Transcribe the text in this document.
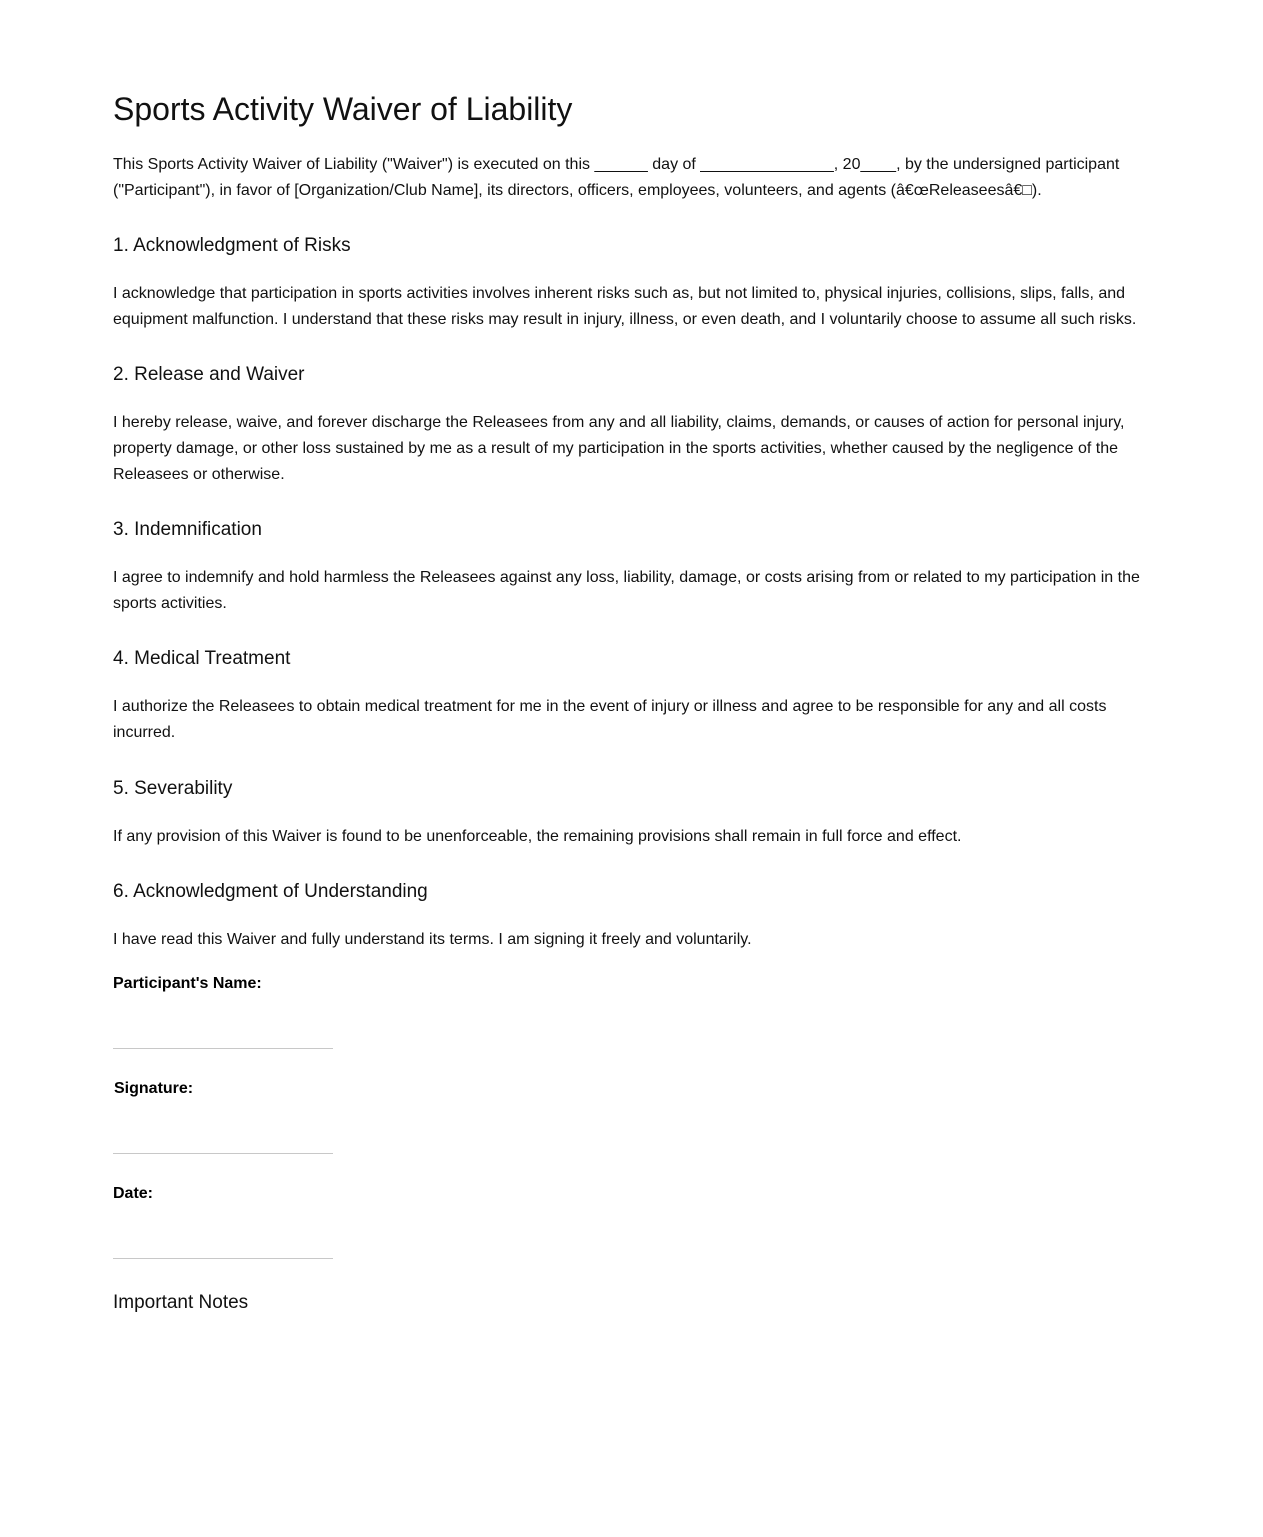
Sports Activity Waiver of Liability

This Sports Activity Waiver of Liability ("Waiver") is executed on this ______ day of _______________, 20____, by the undersigned participant ("Participant"), in favor of [Organization/Club Name], its directors, officers, employees, volunteers, and agents (â€œReleaseesâ€□).

1. Acknowledgment of Risks

I acknowledge that participation in sports activities involves inherent risks such as, but not limited to, physical injuries, collisions, slips, falls, and equipment malfunction. I understand that these risks may result in injury, illness, or even death, and I voluntarily choose to assume all such risks.

2. Release and Waiver

I hereby release, waive, and forever discharge the Releasees from any and all liability, claims, demands, or causes of action for personal injury, property damage, or other loss sustained by me as a result of my participation in the sports activities, whether caused by the negligence of the Releasees or otherwise.

3. Indemnification

I agree to indemnify and hold harmless the Releasees against any loss, liability, damage, or costs arising from or related to my participation in the sports activities.

4. Medical Treatment

I authorize the Releasees to obtain medical treatment for me in the event of injury or illness and agree to be responsible for any and all costs incurred.

5. Severability

If any provision of this Waiver is found to be unenforceable, the remaining provisions shall remain in full force and effect.

6. Acknowledgment of Understanding

I have read this Waiver and fully understand its terms. I am signing it freely and voluntarily.

Participant's Name:
Signature:
Date:
Important Notes
